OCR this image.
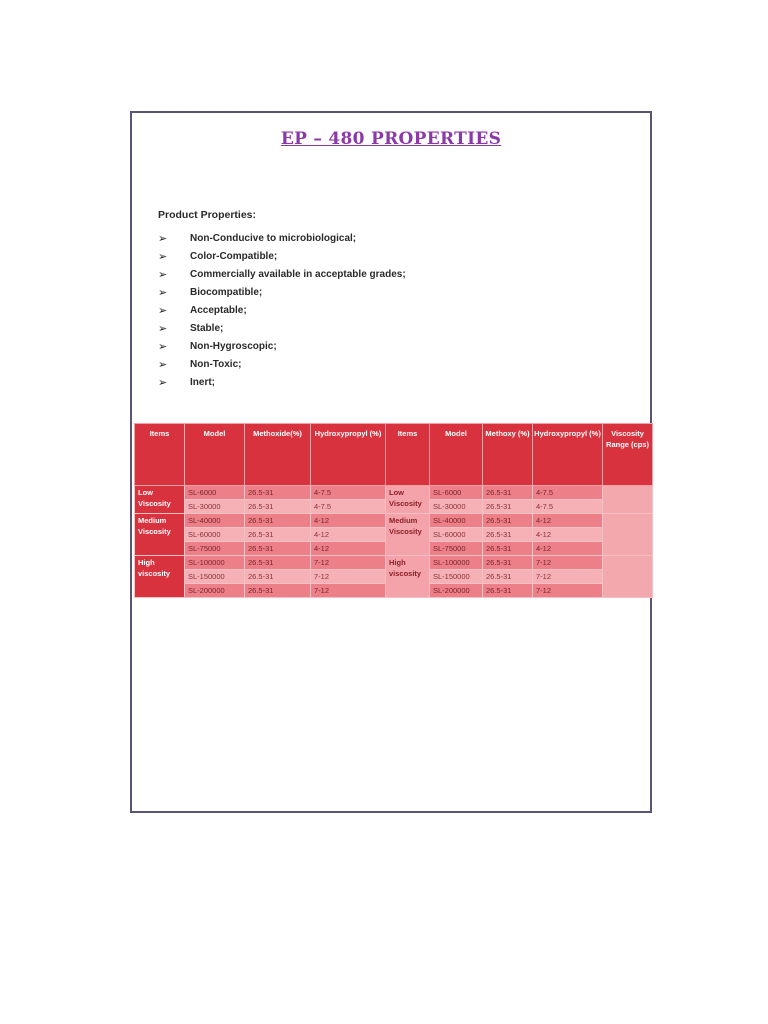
EP – 480 PROPERTIES
Product Properties:
➢	Non-Conducive to microbiological;
➢	Color-Compatible;
➢	Commercially available in acceptable grades;
➢	Biocompatible;
➢	Acceptable;
➢	Stable;
➢	Non-Hygroscopic;
➢	Non-Toxic;
➢	Inert;
Items	Model	Methoxide(%)	Hydroxypropyl (%)	Items	Model	Methoxy (%)	Hydroxypropyl (%)	Viscosity Range (cps)
Low Viscosity	SL-6000	26.5-31	4-7.5	Low Viscosity	SL-6000	26.5-31	4-7.5	
	SL-30000	26.5-31	4-7.5		SL-30000	26.5-31	4-7.5	
Medium Viscosity	SL-40000	26.5-31	4-12	Medium Viscosity	SL-40000	26.5-31	4-12	
	SL-60000	26.5-31	4-12		SL-60000	26.5-31	4-12	
	SL-75000	26.5-31	4-12		SL-75000	26.5-31	4-12	
High viscosity	SL-100000	26.5-31	7-12	High viscosity	SL-100000	26.5-31	7-12	
	SL-150000	26.5-31	7-12		SL-150000	26.5-31	7-12	
	SL-200000	26.5-31	7-12		SL-200000	26.5-31	7-12	
